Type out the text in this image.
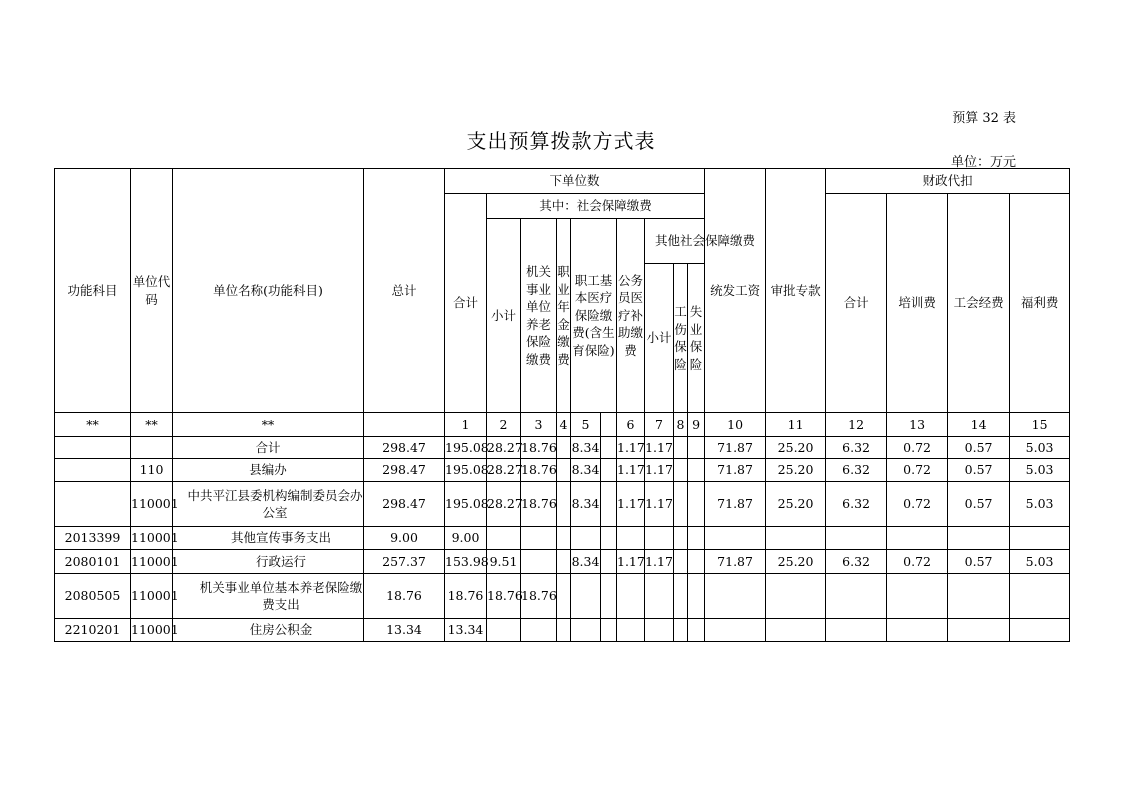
预算 32 表
支出预算拨款方式表
单位：万元
功能科目	单位代码	单位名称(功能科目)	总计	下单位数										统发工资	审批专款	财政代扣				
				合计	其中：社会保障缴费											合计	培训费	工会经费	福利费	
					小计	机关事业单位养老保险缴费	职业年金缴费	职工基本医疗保险缴费(含生育保险)		公务员医疗补助缴费	其他社会保障缴费									
											小计	工伤保险	失业保险	
**	**	**		1	2	3	4	5		6	7	8	9	10	11	12	13	14	15	
		合计	298.47	195.08	28.27	18.76		8.34		1.17	1.17			71.87	25.20	6.32	0.72	0.57	5.03	
	110	县编办	298.47	195.08	28.27	18.76		8.34		1.17	1.17			71.87	25.20	6.32	0.72	0.57	5.03	
	110001	中共平江县委机构编制委员会办公室	298.47	195.08	28.27	18.76		8.34		1.17	1.17			71.87	25.20	6.32	0.72	0.57	5.03	
2013399	110001	其他宣传事务支出	9.00	9.00																
2080101	110001	行政运行	257.37	153.98	9.51			8.34		1.17	1.17			71.87	25.20	6.32	0.72	0.57	5.03	
2080505	110001	机关事业单位基本养老保险缴费支出	18.76	18.76	18.76	18.76														
2210201	110001	住房公积金	13.34	13.34																
